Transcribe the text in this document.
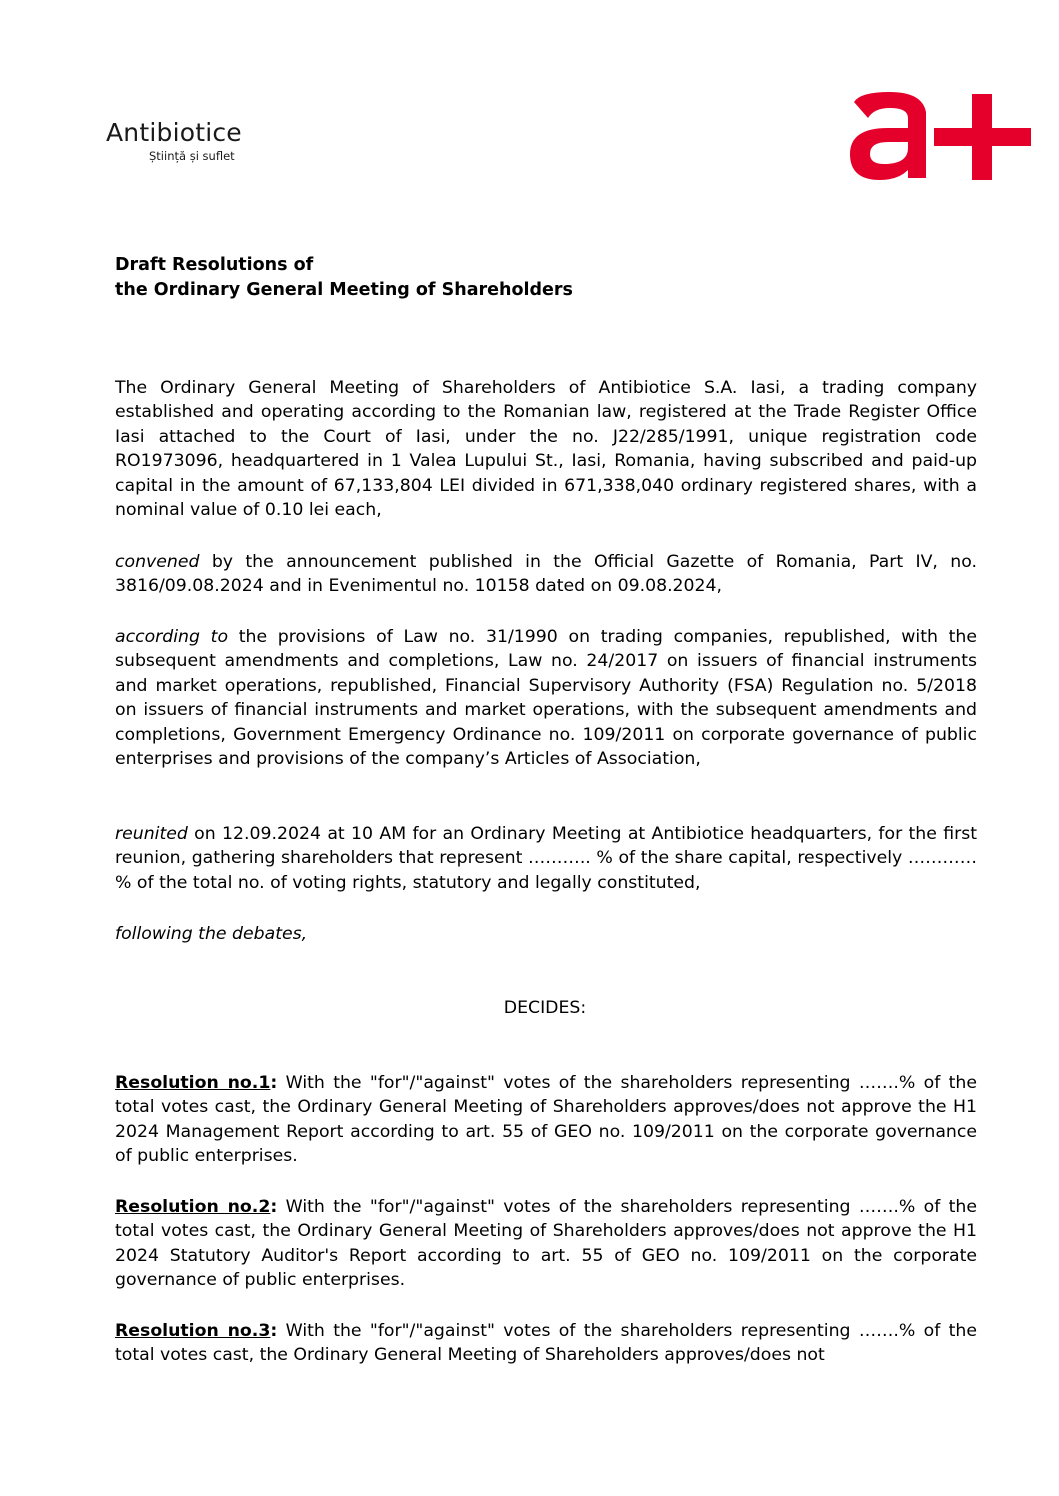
Antibiotice
Știință și suflet
Draft Resolutions of
the Ordinary General Meeting of Shareholders
The Ordinary General Meeting of Shareholders of Antibiotice S.A. Iasi, a trading company established and operating according to the Romanian law, registered at the Trade Register Office Iasi attached to the Court of Iasi, under the no. J22/285/1991, unique registration code RO1973096, headquartered in 1 Valea Lupului St., Iasi, Romania, having subscribed and paid-up capital in the amount of 67,133,804 LEI divided in 671,338,040 ordinary registered shares, with a nominal value of 0.10 lei each,
convened by the announcement published in the Official Gazette of Romania, Part IV, no. 3816/09.08.2024 and in Evenimentul no. 10158 dated on 09.08.2024,
according to the provisions of Law no. 31/1990 on trading companies, republished, with the subsequent amendments and completions, Law no. 24/2017 on issuers of financial instruments and market operations, republished, Financial Supervisory Authority (FSA) Regulation no. 5/2018 on issuers of financial instruments and market operations, with the subsequent amendments and completions, Government Emergency Ordinance no. 109/2011 on corporate governance of public enterprises and provisions of the company’s Articles of Association,
reunited on 12.09.2024 at 10 AM for an Ordinary Meeting at Antibiotice headquarters, for the first reunion, gathering shareholders that represent ……….. % of the share capital, respectively …………% of the total no. of voting rights, statutory and legally constituted,
following the debates,
DECIDES:
Resolution no.1: With the "for"/"against" votes of the shareholders representing …….% of the total votes cast, the Ordinary General Meeting of Shareholders approves/does not approve the H1 2024 Management Report according to art. 55 of GEO no. 109/2011 on the corporate governance of public enterprises.
Resolution no.2: With the "for"/"against" votes of the shareholders representing …….% of the total votes cast, the Ordinary General Meeting of Shareholders approves/does not approve the H1 2024 Statutory Auditor's Report according to art. 55 of GEO no. 109/2011 on the corporate governance of public enterprises.
Resolution no.3: With the "for"/"against" votes of the shareholders representing …….% of the total votes cast, the Ordinary General Meeting of Shareholders approves/does not
